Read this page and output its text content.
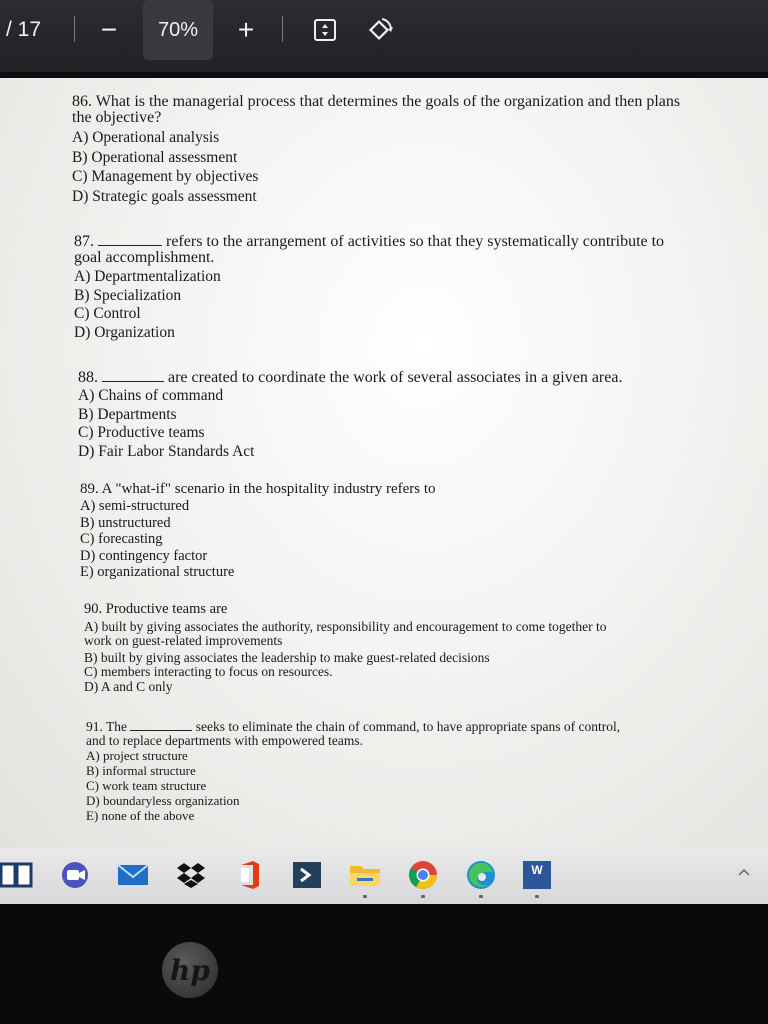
/ 17 −	70%	+

86. What is the managerial process that determines the goals of the organization and then plans

the objective?

A) Operational analysis

B) Operational assessment

C) Management by objectives

D) Strategic goals assessment

87.	refers to the arrangement of activities so that they systematically contribute to

goal accomplishment.

A) Departmentalization

B) Specialization

C) Control

D) Organization

88.	are created to coordinate the work of several associates in a given area.

A) Chains of command

B) Departments

C) Productive teams

D) Fair Labor Standards Act

89. A "what-if" scenario in the hospitality industry refers to

A) semi-structured

B) unstructured

C) forecasting

D) contingency factor

E) organizational structure

90. Productive teams are

A) built by giving associates the authority, responsibility and encouragement to come together to

work on guest-related improvements

B) built by giving associates the leadership to make guest-related decisions

C) members interacting to focus on resources.

D) A and C only

91. The	seeks to eliminate the chain of command, to have appropriate spans of control,

and to replace departments with empowered teams.

A) project structure

B) informal structure

C) work team structure

D) boundaryless organization

E) none of the above

W
hp
